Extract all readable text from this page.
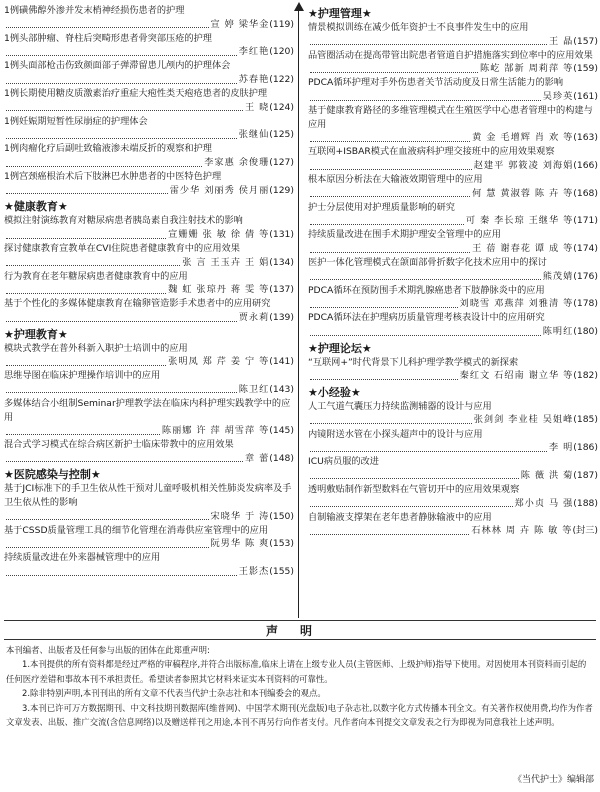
1例磺佛醇外渗并发末梢神经损伤患者的护理
宣 婷 梁华金 (119)
1例头部肿瘤、脊柱后突畸形患者骨突部压疮的护理
李红艳 (120)
1例头面部枪击伤致颜面部子弹滞留患儿颅内的护理体会
苏春艳 (122)
1例长期使用糖皮质激素治疗重症大疱性类天疱疮患者的皮肤护理
王 晓 (124)
1例妊娠期短暂性尿崩症的护理体会
张继仙 (125)
1例肉瘤化疗后副吐致输液渗未端反折的观察和护理
李家惠 余俊珊 (127)
1例宫颈癌根治术后下肢淋巴水肿患者的中医特色护理
雷少华 刘丽秀 侯月丽 (129)
★健康教育★
模拟注射演练教育对糖尿病患者胰岛素自我注射技术的影响
宣姗姗 张 敏 徐 倩 等 (131)
探讨健康教育宣教单在CVI住院患者健康教育中的应用效果
张 言 王玉卉 王 娟 (134)
行为教育在老年糖尿病患者健康教育中的应用
魏 虹 张琼丹 蒋 雯 等 (137)
基于个性化的多媒体健康教育在输卵管造影手术患者中的应用研究
贾永莉 (139)
★护理教育★
模块式教学在普外科新入职护士培训中的应用
张明凤 郑 芹 姜 宁 等 (141)
思维导图在临床护理操作培训中的应用
陈卫红 (143)
多媒体结合小组制Seminar护理教学法在临床内科护理实践教学中的应用
陈丽娜 许 萍 胡雪萍 等 (145)
混合式学习模式在综合病区新护士临床带教中的应用效果
章 蕾 (148)
★医院感染与控制★
基于JCI标准下的手卫生依从性干预对儿童呼吸机相关性肺炎发病率及手卫生依从性的影响
宋晓华 于 涛 (150)
基于CSSD质量管理工具的细节化管理在消毒供应室管理中的应用
阮男华 陈 爽 (153)
持续质量改进在外来器械管理中的应用
王影杰 (155)
★护理管理★
情景模拟训练在减少低年资护士不良事件发生中的应用
王 晶 (157)
品管圈活动在提高带管出院患者管道自护措施落实到位率中的应用效果
陈屹 郜新 周莉萍 等 (159)
PDCA循环护理对手外伤患者关节活动度及日常生活能力的影响
吴珍英 (161)
基于健康教育路径的多维管理模式在生殖医学中心患者管理中的构建与应用
黄 金 毛增辉 肖 欢 等 (163)
互联网+ISBAR模式在血液病科护理交接班中的应用效果观察
赵建平 郭筱凌 刘海娟 (166)
根本原因分析法在大输液效期管理中的应用
何 慧 黄淑蓉 陈 卉 等 (168)
护士分层使用对护理质量影响的研究
可 秦 李长琼 王继华 等 (171)
持续质量改进在围手术期护理安全管理中的应用
王 蓓 谢春花 谭 成 等 (174)
医护一体化管理模式在颌面部骨折数字化技术应用中的探讨
熊茂婧 (176)
PDCA循环在预防围手术期乳腺癌患者下肢静脉炎中的应用
刘晓雪 邓燕萍 刘雅清 等 (178)
PDCA循环法在护理病历质量管理考核表设计中的应用研究
陈明红 (180)
★护理论坛★
“互联网+”时代背景下儿科护理学教学模式的新探索
秦红文 石绍南 谢立华 等 (182)
★小经验★
人工气道气囊压力持续监测辅器的设计与应用
张剑剑 李业桂 吴姐峰 (185)
内镜附送水管在小探头超声中的设计与应用
李 明 (186)
ICU病员服的改进
陈 薇 洪 菊 (187)
透明敷贴制作新型数料在气管切开中的应用效果观察
郑小贞 马 强 (188)
自制输液支撑架在老年患者静脉输液中的应用
石林林 周 卉 陈 敏 等 (封三)
声明

本刊编者、出版者及任何参与出版的团体在此郑重声明:

1.本刊提供的所有资料都是经过严格的审稿程序,并符合出版标准,临床上请在上级专业人员(主管医师、上级护师)指导下使用。对因使用本刊资料而引起的任何医疗差错和事故本刊不承担责任。希望读者参照其它材料来证实本刊资料的可靠性。

2.除非特别声明,本刊刊出的所有文章不代表当代护士杂志社和本刊编委会的观点。

3.本刊已许可万方数据期刊、中文科技期刊数据库(维普网)、中国学术期刊(光盘版)电子杂志社,以数字化方式传播本刊全文。有关著作权使用费,均作为作者文章发表、出版、推广交流(含信息网络)以及赠送样刊之用途,本刊不再另行向作者支付。凡作者向本刊提交文章发表之行为即视为同意我社上述声明。

《当代护士》编辑部
